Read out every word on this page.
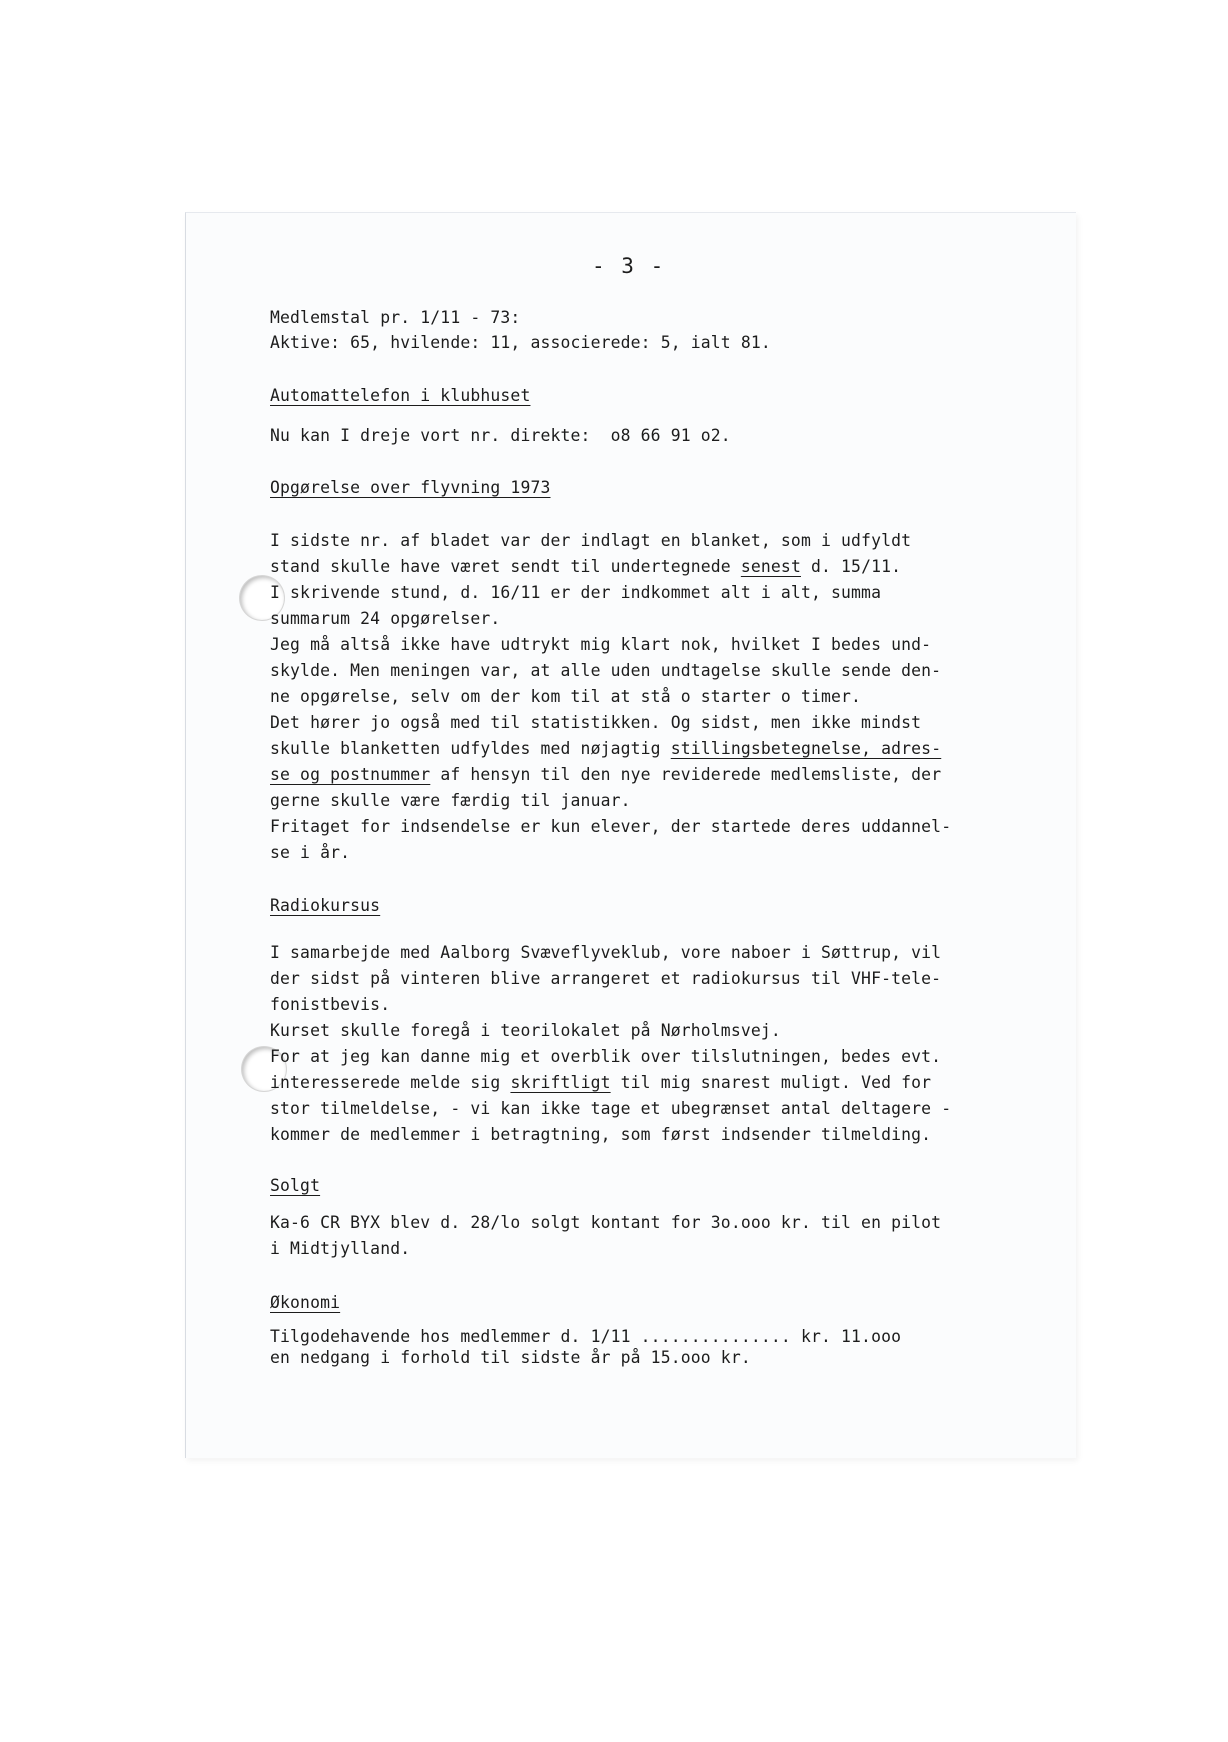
- 3 -
Medlemstal pr. 1/11 - 73:
Aktive: 65, hvilende: 11, associerede: 5, ialt 81.
Automattelefon i klubhuset
Nu kan I dreje vort nr. direkte:  o8 66 91 o2.
Opgørelse over flyvning 1973
I sidste nr. af bladet var der indlagt en blanket, som i udfyldt
stand skulle have været sendt til undertegnede senest d. 15/11.
I skrivende stund, d. 16/11 er der indkommet alt i alt, summa
summarum 24 opgørelser.
Jeg må altså ikke have udtrykt mig klart nok, hvilket I bedes und-
skylde. Men meningen var, at alle uden undtagelse skulle sende den-
ne opgørelse, selv om der kom til at stå o starter o timer.
Det hører jo også med til statistikken. Og sidst, men ikke mindst
skulle blanketten udfyldes med nøjagtig stillingsbetegnelse, adres-
se og postnummer af hensyn til den nye reviderede medlemsliste, der
gerne skulle være færdig til januar.
Fritaget for indsendelse er kun elever, der startede deres uddannel-
se i år.
Radiokursus
I samarbejde med Aalborg Svæveflyveklub, vore naboer i Søttrup, vil
der sidst på vinteren blive arrangeret et radiokursus til VHF-tele-
fonistbevis.
Kurset skulle foregå i teorilokalet på Nørholmsvej.
For at jeg kan danne mig et overblik over tilslutningen, bedes evt.
interesserede melde sig skriftligt til mig snarest muligt. Ved for
stor tilmeldelse, - vi kan ikke tage et ubegrænset antal deltagere -
kommer de medlemmer i betragtning, som først indsender tilmelding.
Solgt
Ka-6 CR BYX blev d. 28/lo solgt kontant for 3o.ooo kr. til en pilot
i Midtjylland.
Økonomi
Tilgodehavende hos medlemmer d. 1/11 ............... kr. 11.ooo
en nedgang i forhold til sidste år på 15.ooo kr.
